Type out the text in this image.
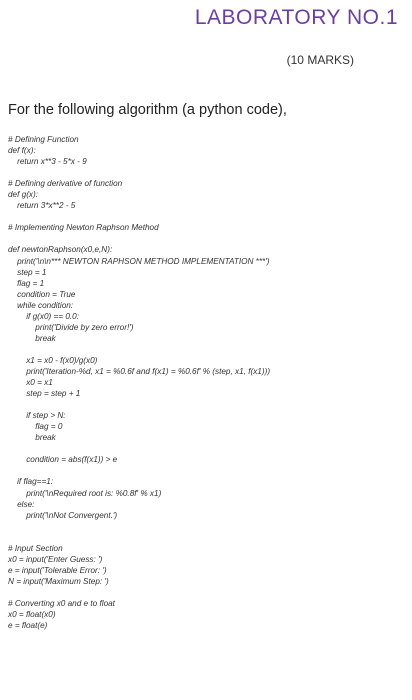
LABORATORY NO.1
(10 MARKS)
For the following algorithm (a python code),
# Defining Function
def f(x):
return x**3 - 5*x - 9
# Defining derivative of function
def g(x):
return 3*x**2 - 5
# Implementing Newton Raphson Method
def newtonRaphson(x0,e,N):
print('\n\n*** NEWTON RAPHSON METHOD IMPLEMENTATION ***')
step = 1
flag = 1
condition = True
while condition:
if g(x0) == 0.0:
print('Divide by zero error!')
break
x1 = x0 - f(x0)/g(x0)
print('Iteration-%d, x1 = %0.6f and f(x1) = %0.6f' % (step, x1, f(x1)))
x0 = x1
step = step + 1
if step > N:
flag = 0
break
condition = abs(f(x1)) > e
if flag==1:
print('\nRequired root is: %0.8f' % x1)
else:
print('\nNot Convergent.')
# Input Section
x0 = input('Enter Guess: ')
e = input('Tolerable Error: ')
N = input('Maximum Step: ')
# Converting x0 and e to float
x0 = float(x0)
e = float(e)
